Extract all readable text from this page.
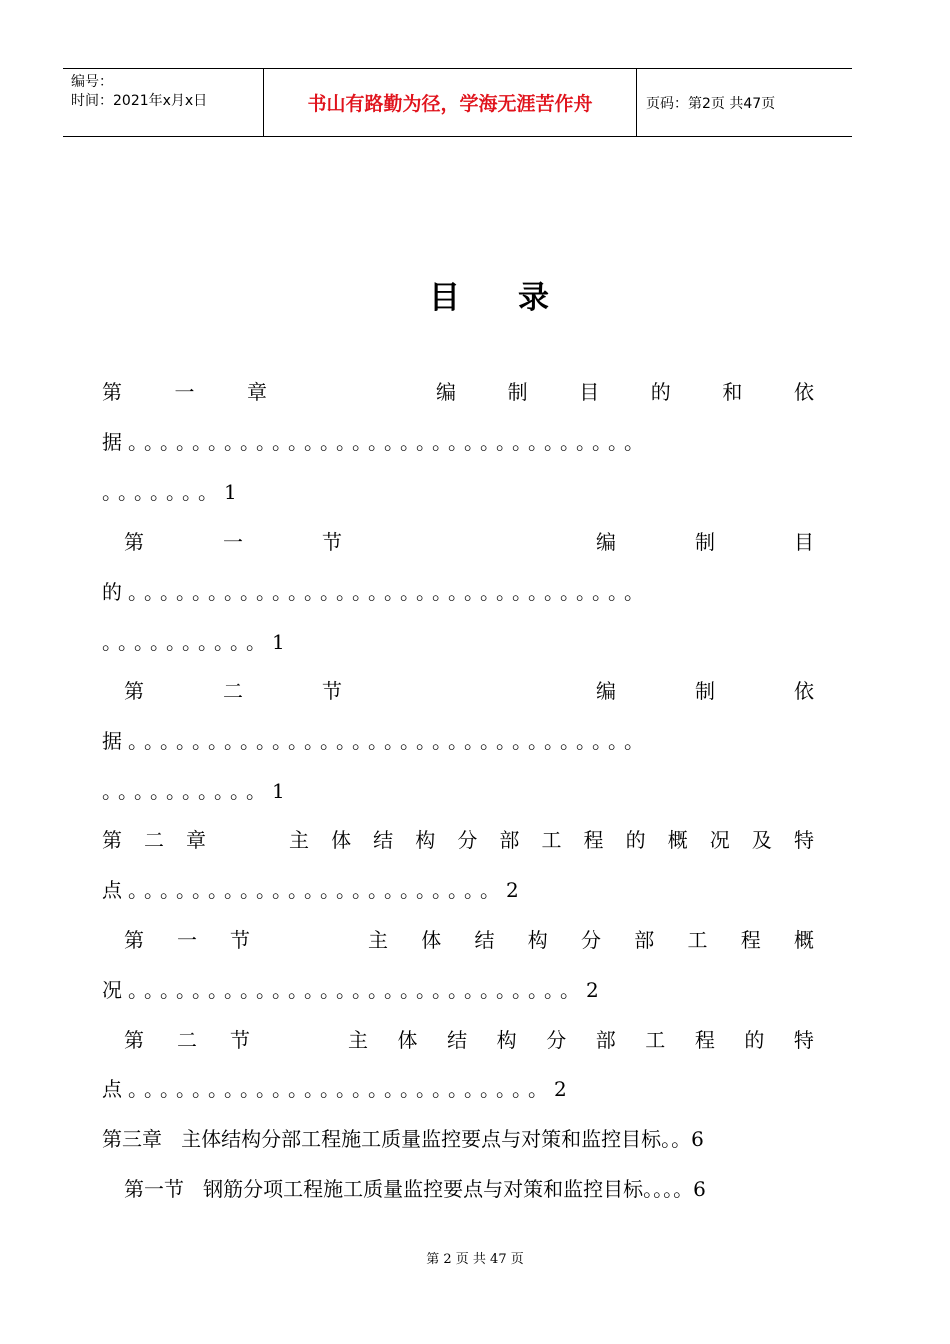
编号：
时间：2021年x月x日	书山有路勤为径，学海无涯苦作舟	页码：第2页 共47页
目录
第	一	章	编	制	目	的	和	依
据。。。。。。。。。。。。。。。。。。。。。。。。。。。。。。。。
。。。。。。。1
第	一	节	编	制	目
的。。。。。。。。。。。。。。。。。。。。。。。。。。。。。。。。
。。。。。。。。。。1
第	二	节	编	制	依
据。。。。。。。。。。。。。。。。。。。。。。。。。。。。。。。。
。。。。。。。。。。1
第 二 章	主 体 结 构 分 部 工 程 的 概 况 及 特
点。。。。。。。。。。。。。。。。。。。。。。。2
第 一 节	主 体 结 构 分 部 工 程 概
况。。。。。。。。。。。。。。。。。。。。。。。。。。。。2
第 二 节	主 体 结 构 分 部 工 程 的 特
点。。。。。。。。。。。。。。。。。。。。。。。。。。2
第三章   主体结构分部工程施工质量监控要点与对策和监控目标。。6
第一节   钢筋分项工程施工质量监控要点与对策和监控目标。。。。6
第 2 页 共 47 页
